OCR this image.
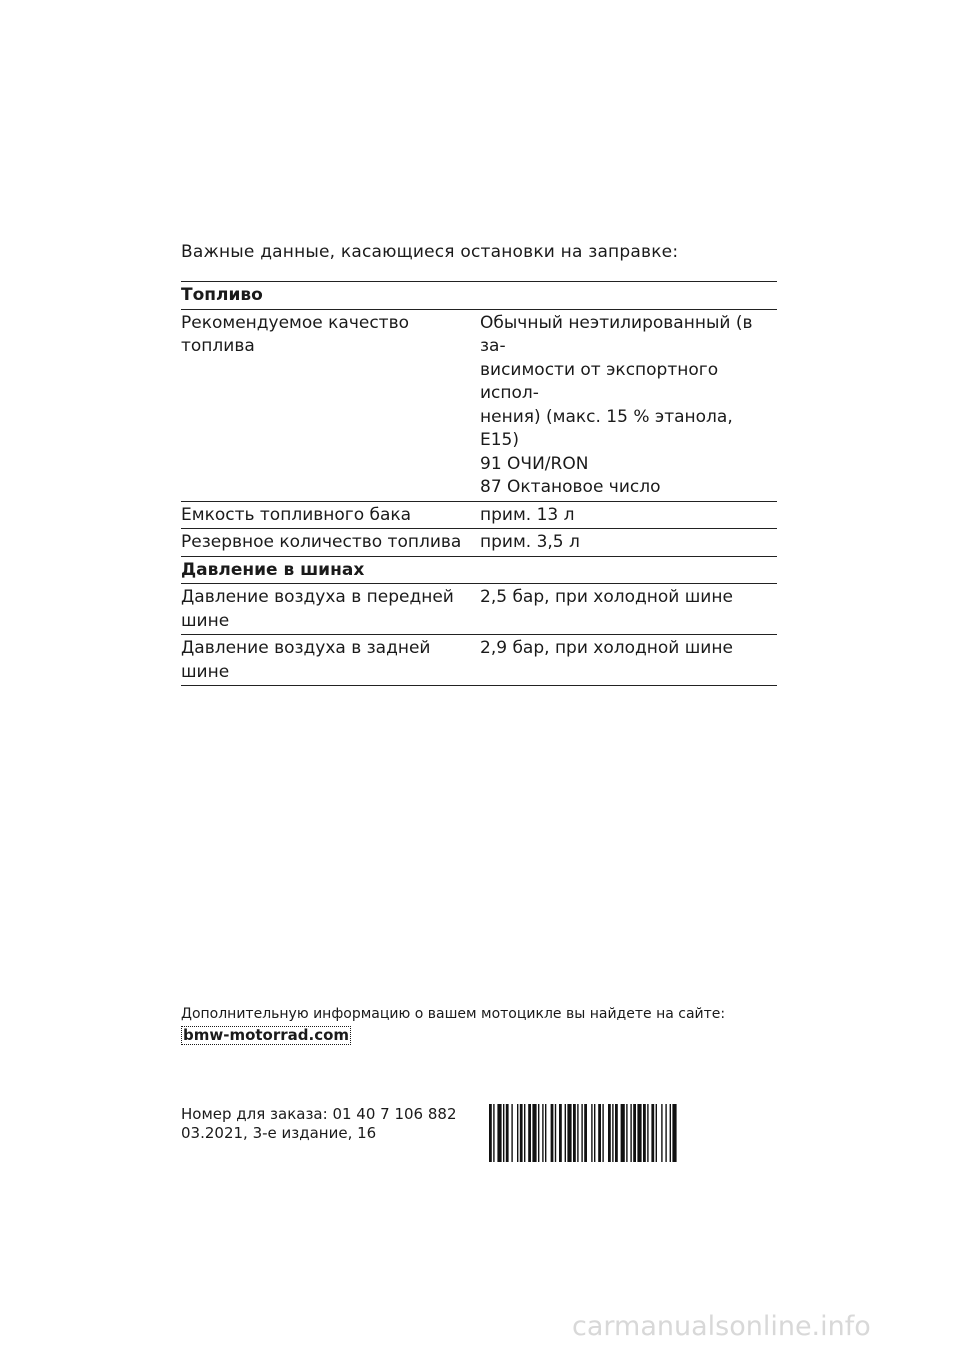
Важные данные, касающиеся остановки на заправке:
Топливо
Рекомендуемое качество топлива
Обычный неэтилированный (в за-
висимости от экспортного испол-
нения) (макс. 15 % этанола, E15)
91 ОЧИ/RON
87 Октановое число
Емкость топливного бака	прим. 13 л
Резервное количество топлива	прим. 3,5 л
Давление в шинах
Давление воздуха в передней шине
2,5 бар, при холодной шине
Давление воздуха в задней шине
2,9 бар, при холодной шине
Дополнительную информацию о вашем мотоцикле вы найдете на сайте:
bmw-motorrad.com
Номер для заказа: 01 40 7 106 882
03.2021, 3-е издание, 16
carmanualsonline.info
